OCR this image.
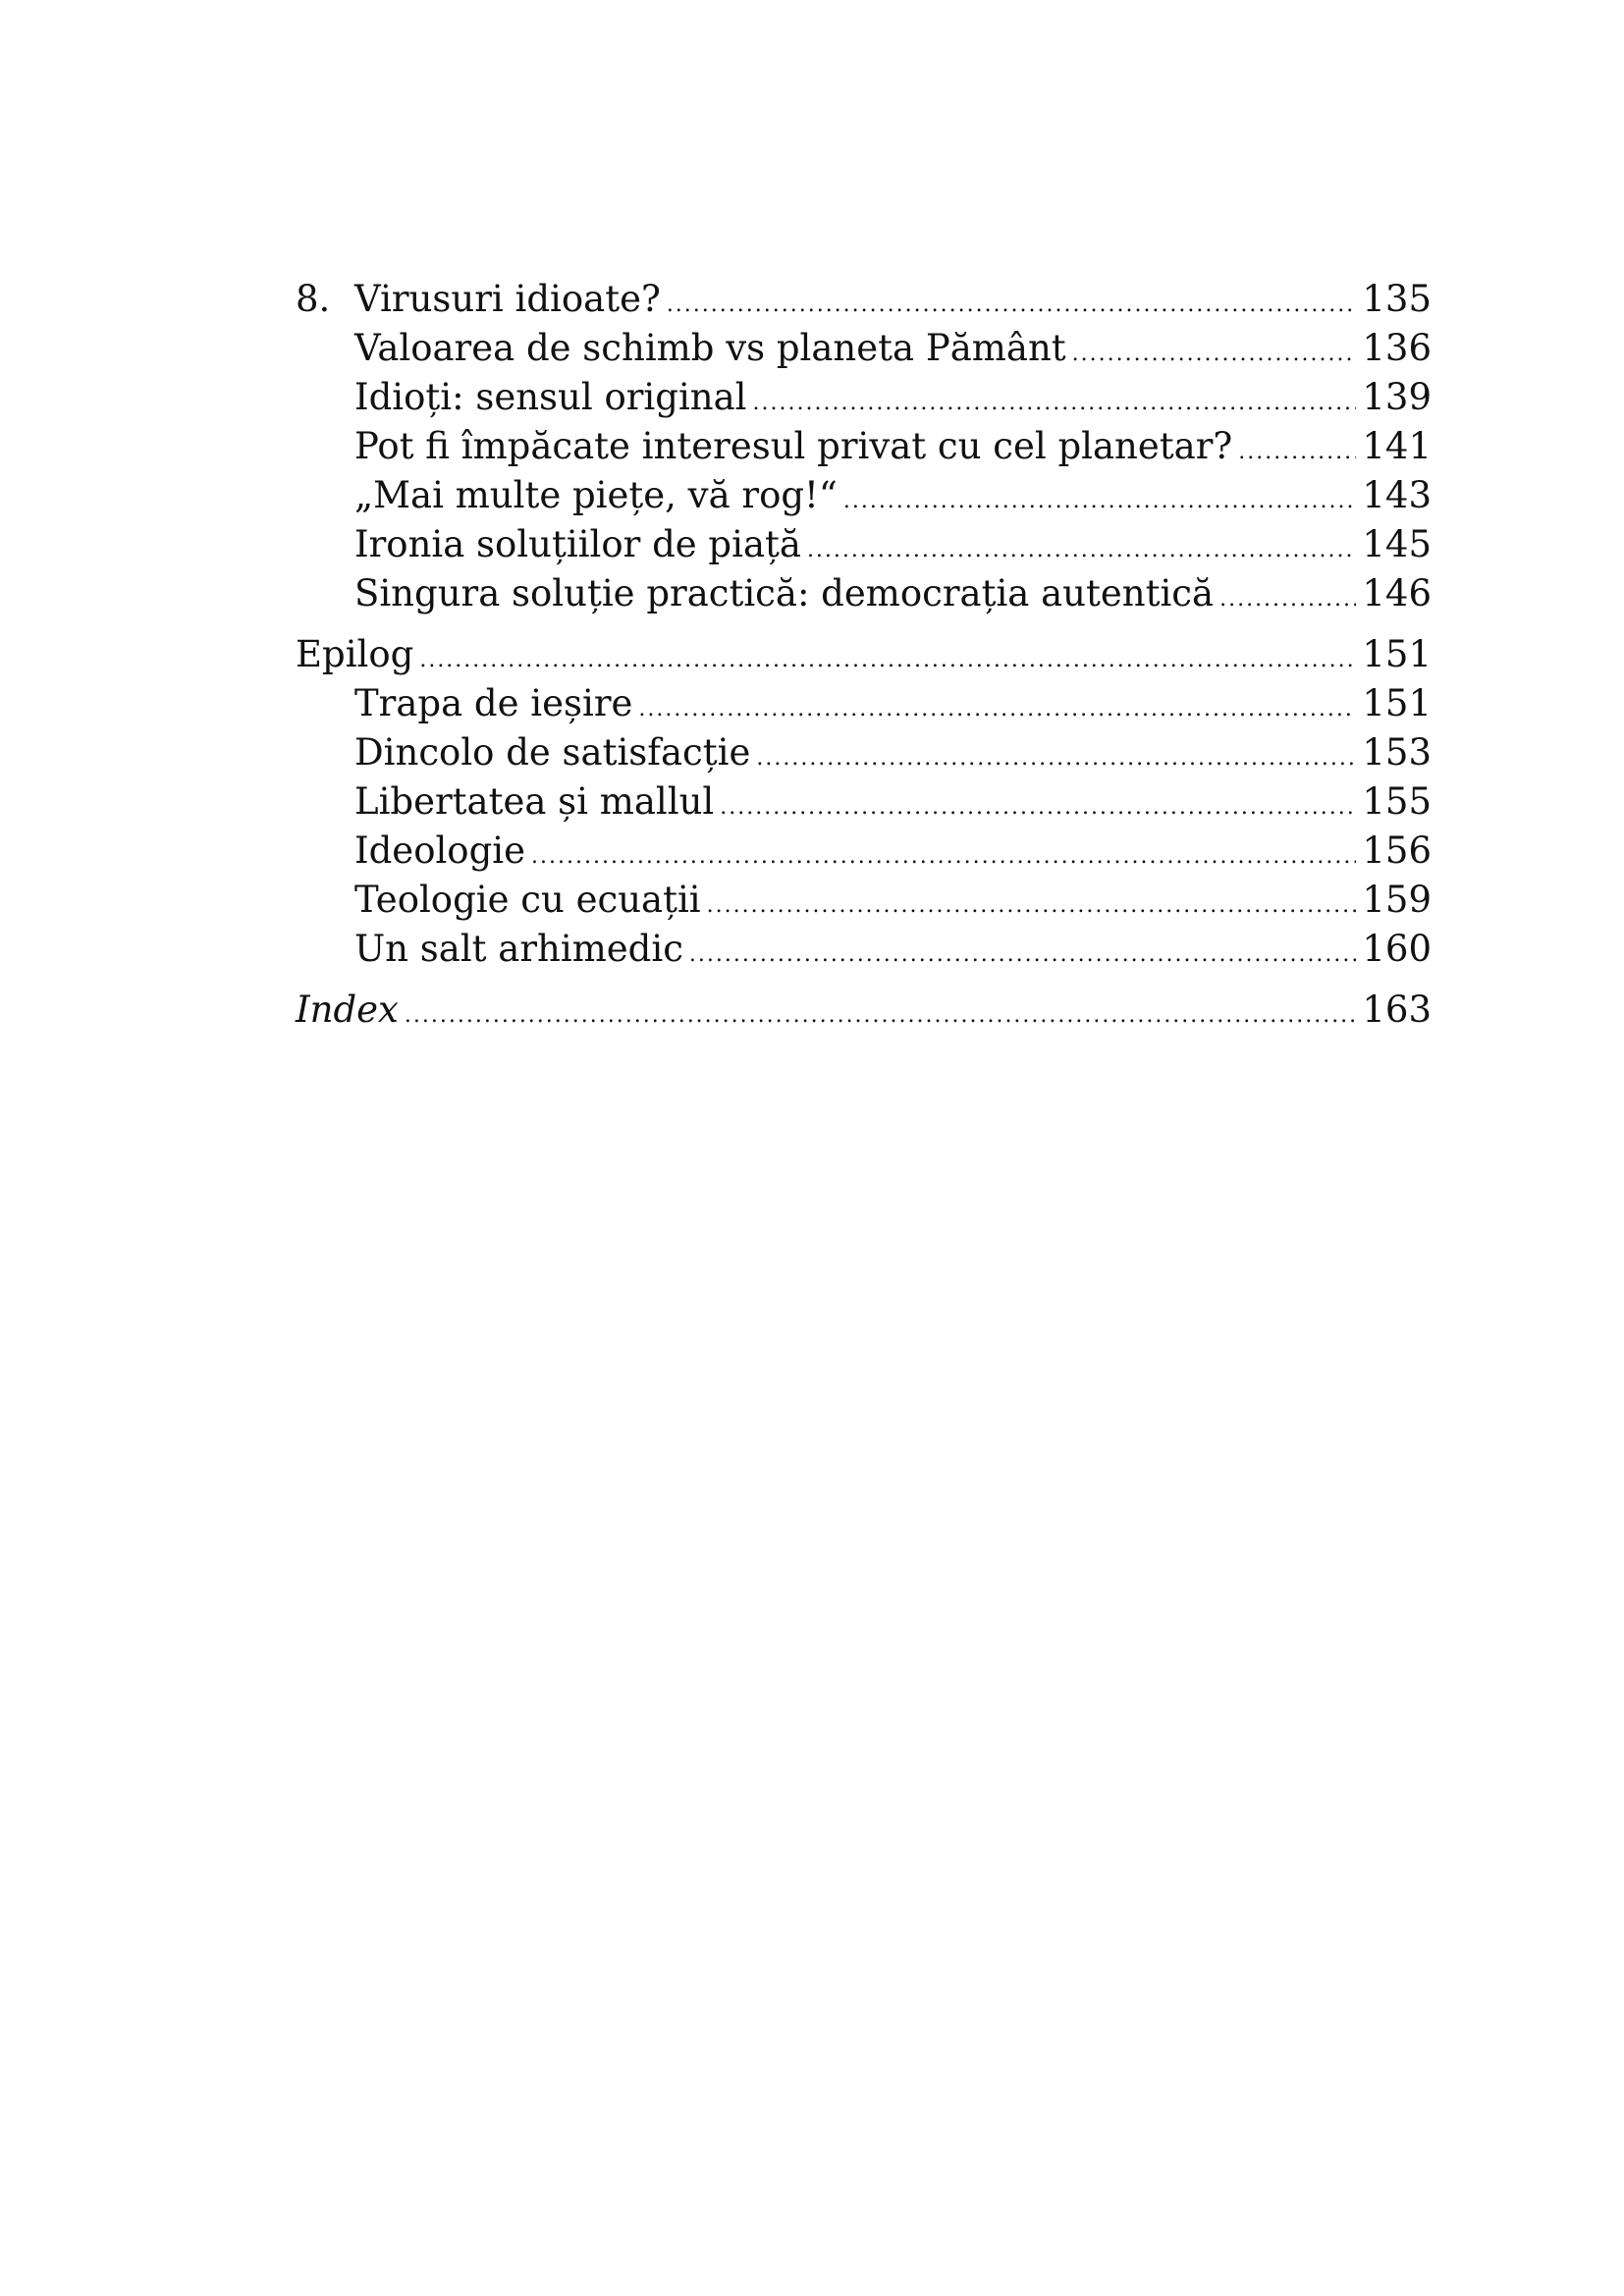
8. Virusuri idioate? .....	135
Valoarea de schimb vs planeta Pământ .....	136
Idioți: sensul original .....	139
Pot fi împăcate interesul privat cu cel planetar? .....	141
„Mai multe piețe, vă rog!“ .....	143
Ironia soluțiilor de piață .....	145
Singura soluție practică: democrația autentică .....	146
Epilog .....	151
Trapa de ieșire .....	151
Dincolo de satisfacție .....	153
Libertatea și mallul .....	155
Ideologie .....	156
Teologie cu ecuații .....	159
Un salt arhimedic .....	160
Index .....	163
